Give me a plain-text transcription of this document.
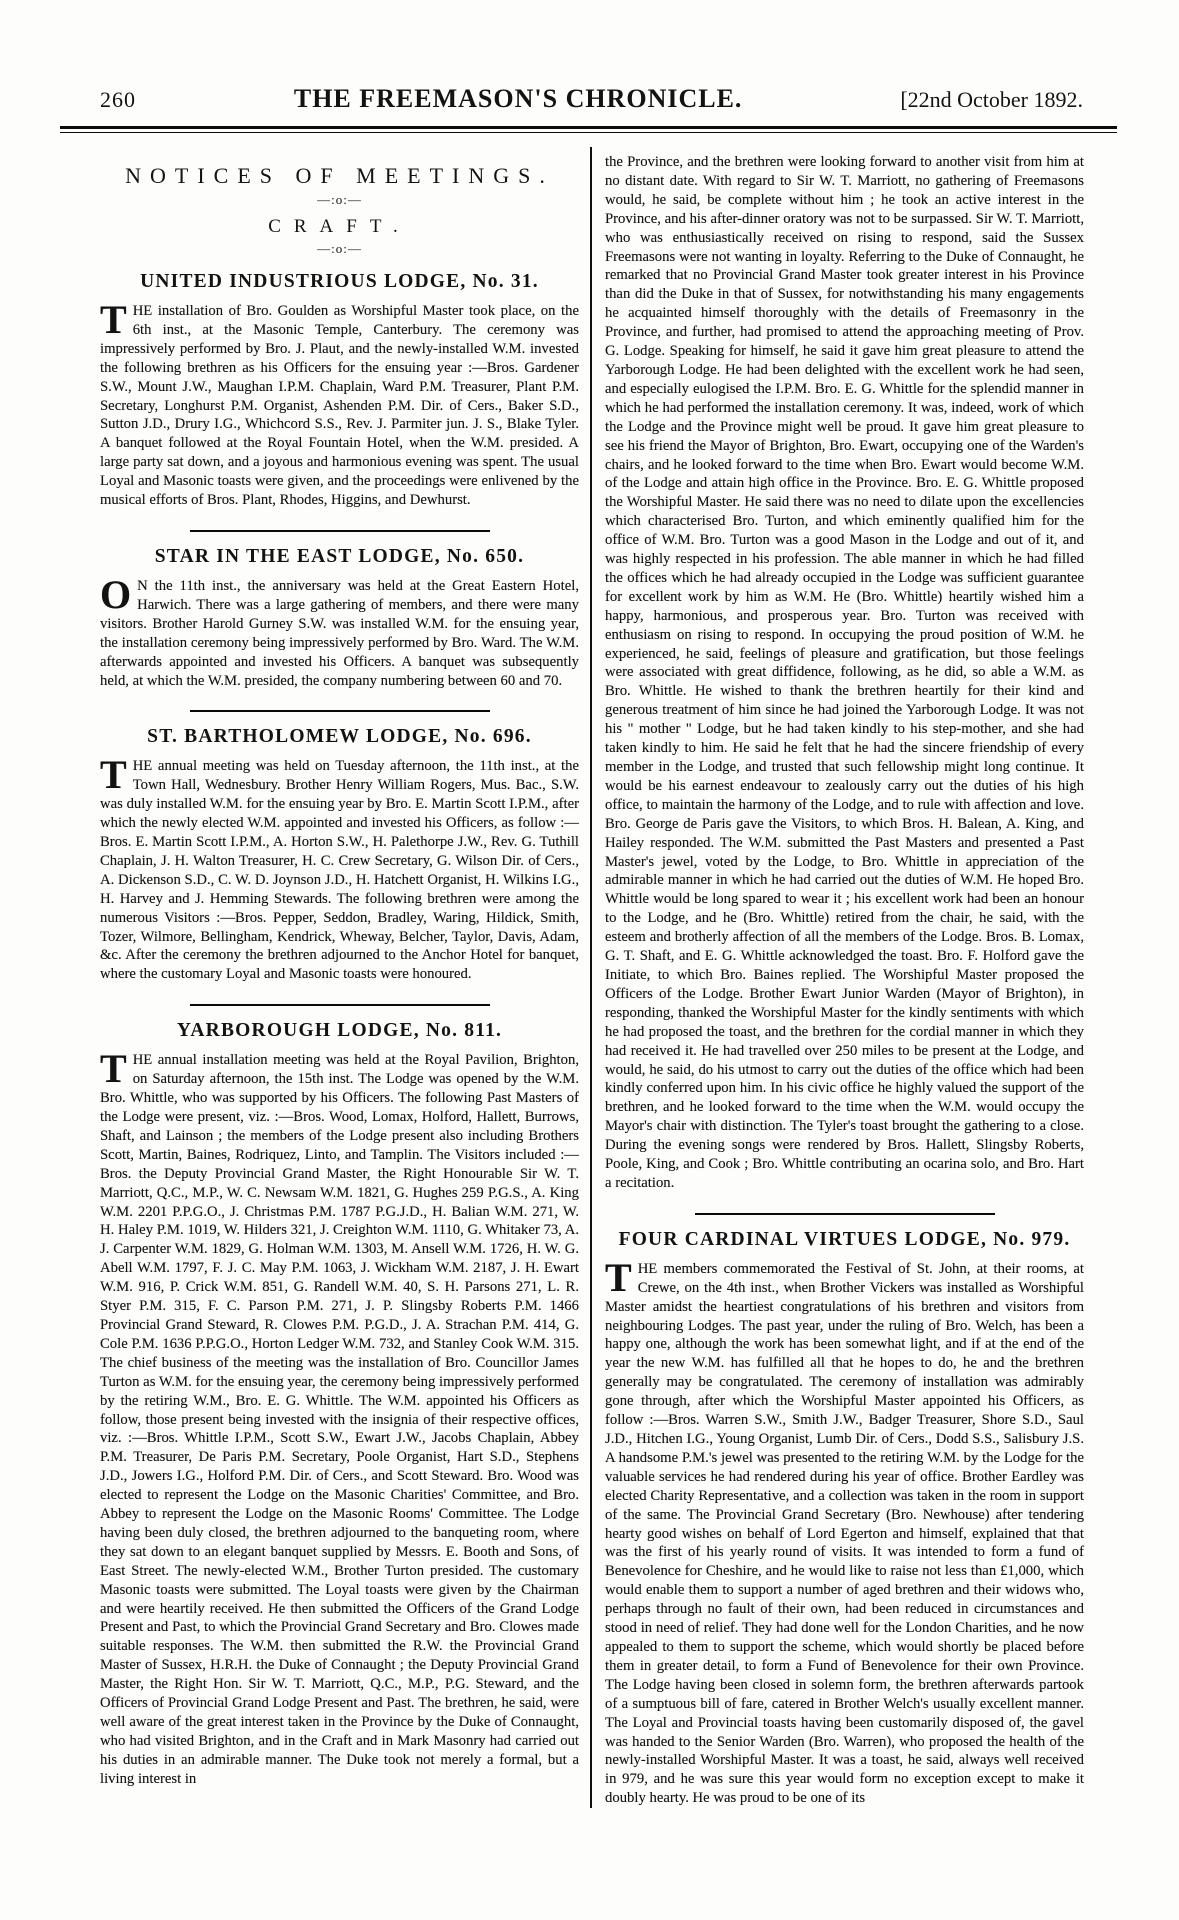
260	THE FREEMASON'S CHRONICLE.	[22nd October 1892.
NOTICES OF MEETINGS.
—:o:—
CRAFT.
—:o:—
UNITED INDUSTRIOUS LODGE, No. 31.

THE installation of Bro. Goulden as Worshipful Master took place, on the 6th inst., at the Masonic Temple, Canterbury. The ceremony was impressively performed by Bro. J. Plaut, and the newly-installed W.M. invested the following brethren as his Officers for the ensuing year :—Bros. Gardener S.W., Mount J.W., Maughan I.P.M. Chaplain, Ward P.M. Treasurer, Plant P.M. Secretary, Longhurst P.M. Organist, Ashenden P.M. Dir. of Cers., Baker S.D., Sutton J.D., Drury I.G., Whichcord S.S., Rev. J. Parmiter jun. J. S., Blake Tyler. A banquet followed at the Royal Fountain Hotel, when the W.M. presided. A large party sat down, and a joyous and harmonious evening was spent. The usual Loyal and Masonic toasts were given, and the proceedings were enlivened by the musical efforts of Bros. Plant, Rhodes, Higgins, and Dewhurst.

STAR IN THE EAST LODGE, No. 650.

O N the 11th inst., the anniversary was held at the Great Eastern Hotel, Harwich. There was a large gathering of members, and there were many visitors. Brother Harold Gurney S.W. was installed W.M. for the ensuing year, the installation ceremony being impressively performed by Bro. Ward. The W.M. afterwards appointed and invested his Officers. A banquet was subsequently held, at which the W.M. presided, the company numbering between 60 and 70.

ST. BARTHOLOMEW LODGE, No. 696.

THE annual meeting was held on Tuesday afternoon, the 11th inst., at the Town Hall, Wednesbury. Brother Henry William Rogers, Mus. Bac., S.W. was duly installed W.M. for the ensuing year by Bro. E. Martin Scott I.P.M., after which the newly elected W.M. appointed and invested his Officers, as follow :—Bros. E. Martin Scott I.P.M., A. Horton S.W., H. Palethorpe J.W., Rev. G. Tuthill Chaplain, J. H. Walton Treasurer, H. C. Crew Secretary, G. Wilson Dir. of Cers., A. Dickenson S.D., C. W. D. Joynson J.D., H. Hatchett Organist, H. Wilkins I.G., H. Harvey and J. Hemming Stewards. The following brethren were among the numerous Visitors :—Bros. Pepper, Seddon, Bradley, Waring, Hildick, Smith, Tozer, Wilmore, Bellingham, Kendrick, Wheway, Belcher, Taylor, Davis, Adam, &c. After the ceremony the brethren adjourned to the Anchor Hotel for banquet, where the customary Loyal and Masonic toasts were honoured.

YARBOROUGH LODGE, No. 811.

THE annual installation meeting was held at the Royal Pavilion, Brighton, on Saturday afternoon, the 15th inst. The Lodge was opened by the W.M. Bro. Whittle, who was supported by his Officers. The following Past Masters of the Lodge were present, viz. :—Bros. Wood, Lomax, Holford, Hallett, Burrows, Shaft, and Lainson ; the members of the Lodge present also including Brothers Scott, Martin, Baines, Rodriquez, Linto, and Tamplin. The Visitors included :—Bros. the Deputy Provincial Grand Master, the Right Honourable Sir W. T. Marriott, Q.C., M.P., W. C. Newsam W.M. 1821, G. Hughes 259 P.G.S., A. King W.M. 2201 P.P.G.O., J. Christmas P.M. 1787 P.G.J.D., H. Balian W.M. 271, W. H. Haley P.M. 1019, W. Hilders 321, J. Creighton W.M. 1110, G. Whitaker 73, A. J. Carpenter W.M. 1829, G. Holman W.M. 1303, M. Ansell W.M. 1726, H. W. G. Abell W.M. 1797, F. J. C. May P.M. 1063, J. Wickham W.M. 2187, J. H. Ewart W.M. 916, P. Crick W.M. 851, G. Randell W.M. 40, S. H. Parsons 271, L. R. Styer P.M. 315, F. C. Parson P.M. 271, J. P. Slingsby Roberts P.M. 1466 Provincial Grand Steward, R. Clowes P.M. P.G.D., J. A. Strachan P.M. 414, G. Cole P.M. 1636 P.P.G.O., Horton Ledger W.M. 732, and Stanley Cook W.M. 315. The chief business of the meeting was the installation of Bro. Councillor James Turton as W.M. for the ensuing year, the ceremony being impressively performed by the retiring W.M., Bro. E. G. Whittle. The W.M. appointed his Officers as follow, those present being invested with the insignia of their respective offices, viz. :—Bros. Whittle I.P.M., Scott S.W., Ewart J.W., Jacobs Chaplain, Abbey P.M. Treasurer, De Paris P.M. Secretary, Poole Organist, Hart S.D., Stephens J.D., Jowers I.G., Holford P.M. Dir. of Cers., and Scott Steward. Bro. Wood was elected to represent the Lodge on the Masonic Charities' Committee, and Bro. Abbey to represent the Lodge on the Masonic Rooms' Committee. The Lodge having been duly closed, the brethren adjourned to the banqueting room, where they sat down to an elegant banquet supplied by Messrs. E. Booth and Sons, of East Street. The newly-elected W.M., Brother Turton presided. The customary Masonic toasts were submitted. The Loyal toasts were given by the Chairman and were heartily received. He then submitted the Officers of the Grand Lodge Present and Past, to which the Provincial Grand Secretary and Bro. Clowes made suitable responses. The W.M. then submitted the R.W. the Provincial Grand Master of Sussex, H.R.H. the Duke of Connaught ; the Deputy Provincial Grand Master, the Right Hon. Sir W. T. Marriott, Q.C., M.P., P.G. Steward, and the Officers of Provincial Grand Lodge Present and Past. The brethren, he said, were well aware of the great interest taken in the Province by the Duke of Connaught, who had visited Brighton, and in the Craft and in Mark Masonry had carried out his duties in an admirable manner. The Duke took not merely a formal, but a living interest in

the Province, and the brethren were looking forward to another visit from him at no distant date. With regard to Sir W. T. Marriott, no gathering of Freemasons would, he said, be complete without him ; he took an active interest in the Province, and his after-dinner oratory was not to be surpassed. Sir W. T. Marriott, who was enthusiastically received on rising to respond, said the Sussex Freemasons were not wanting in loyalty. Referring to the Duke of Connaught, he remarked that no Provincial Grand Master took greater interest in his Province than did the Duke in that of Sussex, for notwithstanding his many engagements he acquainted himself thoroughly with the details of Freemasonry in the Province, and further, had promised to attend the approaching meeting of Prov. G. Lodge. Speaking for himself, he said it gave him great pleasure to attend the Yarborough Lodge. He had been delighted with the excellent work he had seen, and especially eulogised the I.P.M. Bro. E. G. Whittle for the splendid manner in which he had performed the installation ceremony. It was, indeed, work of which the Lodge and the Province might well be proud. It gave him great pleasure to see his friend the Mayor of Brighton, Bro. Ewart, occupying one of the Warden's chairs, and he looked forward to the time when Bro. Ewart would become W.M. of the Lodge and attain high office in the Province. Bro. E. G. Whittle proposed the Worshipful Master. He said there was no need to dilate upon the excellencies which characterised Bro. Turton, and which eminently qualified him for the office of W.M. Bro. Turton was a good Mason in the Lodge and out of it, and was highly respected in his profession. The able manner in which he had filled the offices which he had already occupied in the Lodge was sufficient guarantee for excellent work by him as W.M. He (Bro. Whittle) heartily wished him a happy, harmonious, and prosperous year. Bro. Turton was received with enthusiasm on rising to respond. In occupying the proud position of W.M. he experienced, he said, feelings of pleasure and gratification, but those feelings were associated with great diffidence, following, as he did, so able a W.M. as Bro. Whittle. He wished to thank the brethren heartily for their kind and generous treatment of him since he had joined the Yarborough Lodge. It was not his " mother " Lodge, but he had taken kindly to his step-mother, and she had taken kindly to him. He said he felt that he had the sincere friendship of every member in the Lodge, and trusted that such fellowship might long continue. It would be his earnest endeavour to zealously carry out the duties of his high office, to maintain the harmony of the Lodge, and to rule with affection and love. Bro. George de Paris gave the Visitors, to which Bros. H. Balean, A. King, and Hailey responded. The W.M. submitted the Past Masters and presented a Past Master's jewel, voted by the Lodge, to Bro. Whittle in appreciation of the admirable manner in which he had carried out the duties of W.M. He hoped Bro. Whittle would be long spared to wear it ; his excellent work had been an honour to the Lodge, and he (Bro. Whittle) retired from the chair, he said, with the esteem and brotherly affection of all the members of the Lodge. Bros. B. Lomax, G. T. Shaft, and E. G. Whittle acknowledged the toast. Bro. F. Holford gave the Initiate, to which Bro. Baines replied. The Worshipful Master proposed the Officers of the Lodge. Brother Ewart Junior Warden (Mayor of Brighton), in responding, thanked the Worshipful Master for the kindly sentiments with which he had proposed the toast, and the brethren for the cordial manner in which they had received it. He had travelled over 250 miles to be present at the Lodge, and would, he said, do his utmost to carry out the duties of the office which had been kindly conferred upon him. In his civic office he highly valued the support of the brethren, and he looked forward to the time when the W.M. would occupy the Mayor's chair with distinction. The Tyler's toast brought the gathering to a close. During the evening songs were rendered by Bros. Hallett, Slingsby Roberts, Poole, King, and Cook ; Bro. Whittle contributing an ocarina solo, and Bro. Hart a recitation.

FOUR CARDINAL VIRTUES LODGE, No. 979.

THE members commemorated the Festival of St. John, at their rooms, at Crewe, on the 4th inst., when Brother Vickers was installed as Worshipful Master amidst the heartiest congratulations of his brethren and visitors from neighbouring Lodges. The past year, under the ruling of Bro. Welch, has been a happy one, although the work has been somewhat light, and if at the end of the year the new W.M. has fulfilled all that he hopes to do, he and the brethren generally may be congratulated. The ceremony of installation was admirably gone through, after which the Worshipful Master appointed his Officers, as follow :—Bros. Warren S.W., Smith J.W., Badger Treasurer, Shore S.D., Saul J.D., Hitchen I.G., Young Organist, Lumb Dir. of Cers., Dodd S.S., Salisbury J.S. A handsome P.M.'s jewel was presented to the retiring W.M. by the Lodge for the valuable services he had rendered during his year of office. Brother Eardley was elected Charity Representative, and a collection was taken in the room in support of the same. The Provincial Grand Secretary (Bro. Newhouse) after tendering hearty good wishes on behalf of Lord Egerton and himself, explained that that was the first of his yearly round of visits. It was intended to form a fund of Benevolence for Cheshire, and he would like to raise not less than £1,000, which would enable them to support a number of aged brethren and their widows who, perhaps through no fault of their own, had been reduced in circumstances and stood in need of relief. They had done well for the London Charities, and he now appealed to them to support the scheme, which would shortly be placed before them in greater detail, to form a Fund of Benevolence for their own Province. The Lodge having been closed in solemn form, the brethren afterwards partook of a sumptuous bill of fare, catered in Brother Welch's usually excellent manner. The Loyal and Provincial toasts having been customarily disposed of, the gavel was handed to the Senior Warden (Bro. Warren), who proposed the health of the newly-installed Worshipful Master. It was a toast, he said, always well received in 979, and he was sure this year would form no exception except to make it doubly hearty. He was proud to be one of its
